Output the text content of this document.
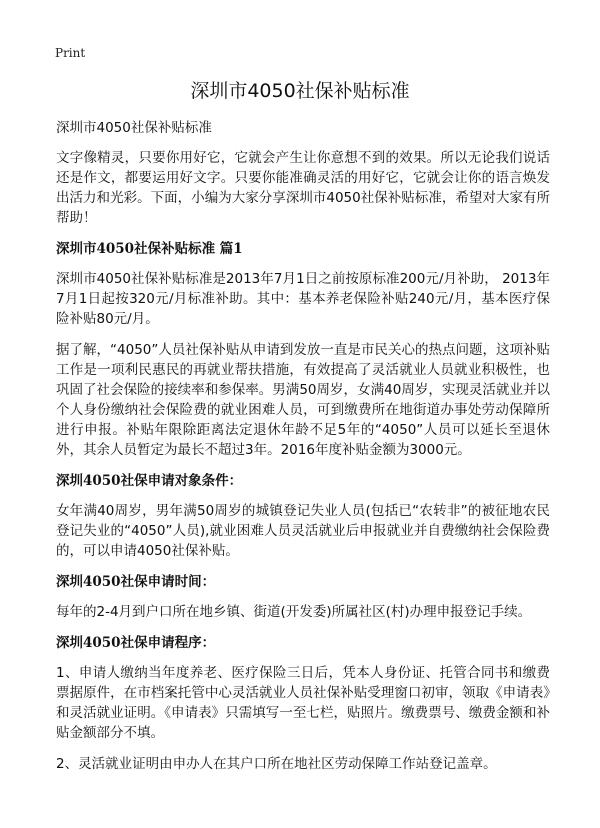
Print
深圳市4050社保补贴标准

深圳市4050社保补贴标准

文字像精灵，只要你用好它，它就会产生让你意想不到的效果。所以无论我们说话还是作文，都要运用好文字。只要你能准确灵活的用好它，它就会让你的语言焕发出活力和光彩。下面，小编为大家分享深圳市4050社保补贴标准，希望对大家有所帮助！

深圳市4050社保补贴标准 篇1

深圳市4050社保补贴标准是2013年7月1日之前按原标准200元/月补助， 2013年7月1日起按320元/月标准补助。其中：基本养老保险补贴240元/月，基本医疗保险补贴80元/月。

据了解，“4050”人员社保补贴从申请到发放一直是市民关心的热点问题，这项补贴工作是一项利民惠民的再就业帮扶措施，有效提高了灵活就业人员就业积极性，也巩固了社会保险的接续率和参保率。男满50周岁，女满40周岁，实现灵活就业并以个人身份缴纳社会保险费的就业困难人员，可到缴费所在地街道办事处劳动保障所进行申报。补贴年限除距离法定退休年龄不足5年的“4050”人员可以延长至退休外，其余人员暂定为最长不超过3年。2016年度补贴金额为3000元。

深圳4050社保申请对象条件：

女年满40周岁，男年满50周岁的城镇登记失业人员(包括已“农转非”的被征地农民登记失业的“4050”人员),就业困难人员灵活就业后申报就业并自费缴纳社会保险费的，可以申请4050社保补贴。

深圳4050社保申请时间：

每年的2-4月到户口所在地乡镇、街道(开发委)所属社区(村)办理申报登记手续。

深圳4050社保申请程序：

1、申请人缴纳当年度养老、医疗保险三日后，凭本人身份证、托管合同书和缴费票据原件，在市档案托管中心灵活就业人员社保补贴受理窗口初审，领取《申请表》和灵活就业证明。《申请表》只需填写一至七栏，贴照片。缴费票号、缴费金额和补贴金额部分不填。

2、灵活就业证明由申办人在其户口所在地社区劳动保障工作站登记盖章。
